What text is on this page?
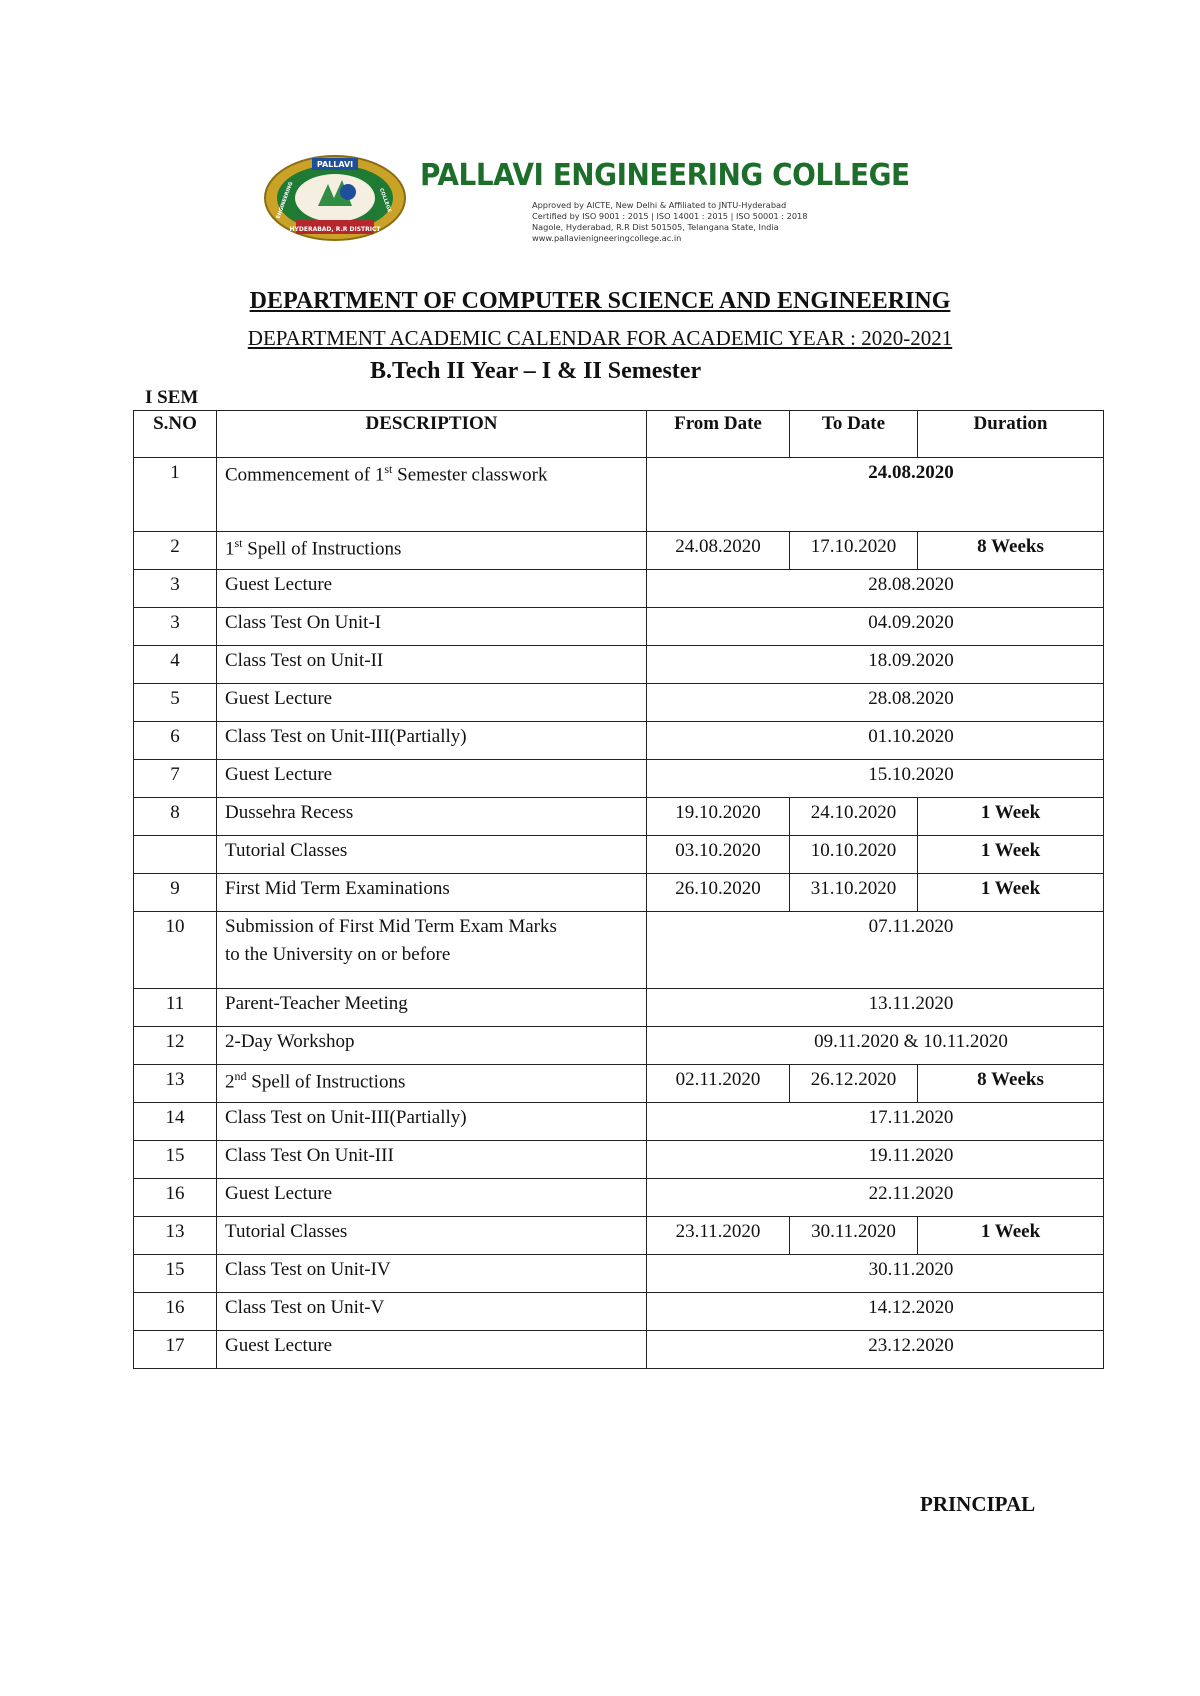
PALLAVI
HYDERABAD, R.R DISTRICT
ENGINEERING	COLLEGE
PALLAVI ENGINEERING COLLEGE
Approved by AICTE, New Delhi & Affiliated to JNTU-Hyderabad
Certified by ISO 9001 : 2015 | ISO 14001 : 2015 | ISO 50001 : 2018
Nagole, Hyderabad, R.R Dist 501505, Telangana State, India
www.pallavienigneeringcollege.ac.in
DEPARTMENT OF COMPUTER SCIENCE AND ENGINEERING
DEPARTMENT ACADEMIC CALENDAR FOR ACADEMIC YEAR : 2020-2021
B.Tech II Year – I & II Semester
I SEM
S.NO	DESCRIPTION	From Date	To Date	Duration
1	Commencement of 1st Semester classwork	24.08.2020		
2	1st Spell of Instructions	24.08.2020	17.10.2020	8 Weeks
3	Guest Lecture	28.08.2020		
3	Class Test On Unit-I	04.09.2020		
4	Class Test on Unit-II	18.09.2020		
5	Guest Lecture	28.08.2020		
6	Class Test on Unit-III(Partially)	01.10.2020		
7	Guest Lecture	15.10.2020		
8	Dussehra Recess	19.10.2020	24.10.2020	1 Week
	Tutorial Classes	03.10.2020	10.10.2020	1 Week
9	First Mid Term Examinations	26.10.2020	31.10.2020	1 Week
10	Submission of First Mid Term Exam Marks
to the University on or before	07.11.2020		
11	Parent-Teacher Meeting	13.11.2020		
12	2-Day Workshop	09.11.2020 & 10.11.2020		
13	2nd Spell of Instructions	02.11.2020	26.12.2020	8 Weeks
14	Class Test on Unit-III(Partially)	17.11.2020		
15	Class Test On Unit-III	19.11.2020		
16	Guest Lecture	22.11.2020		
13	Tutorial Classes	23.11.2020	30.11.2020	1 Week
15	Class Test on Unit-IV	30.11.2020		
16	Class Test on Unit-V	14.12.2020		
17	Guest Lecture	23.12.2020		
PRINCIPAL
